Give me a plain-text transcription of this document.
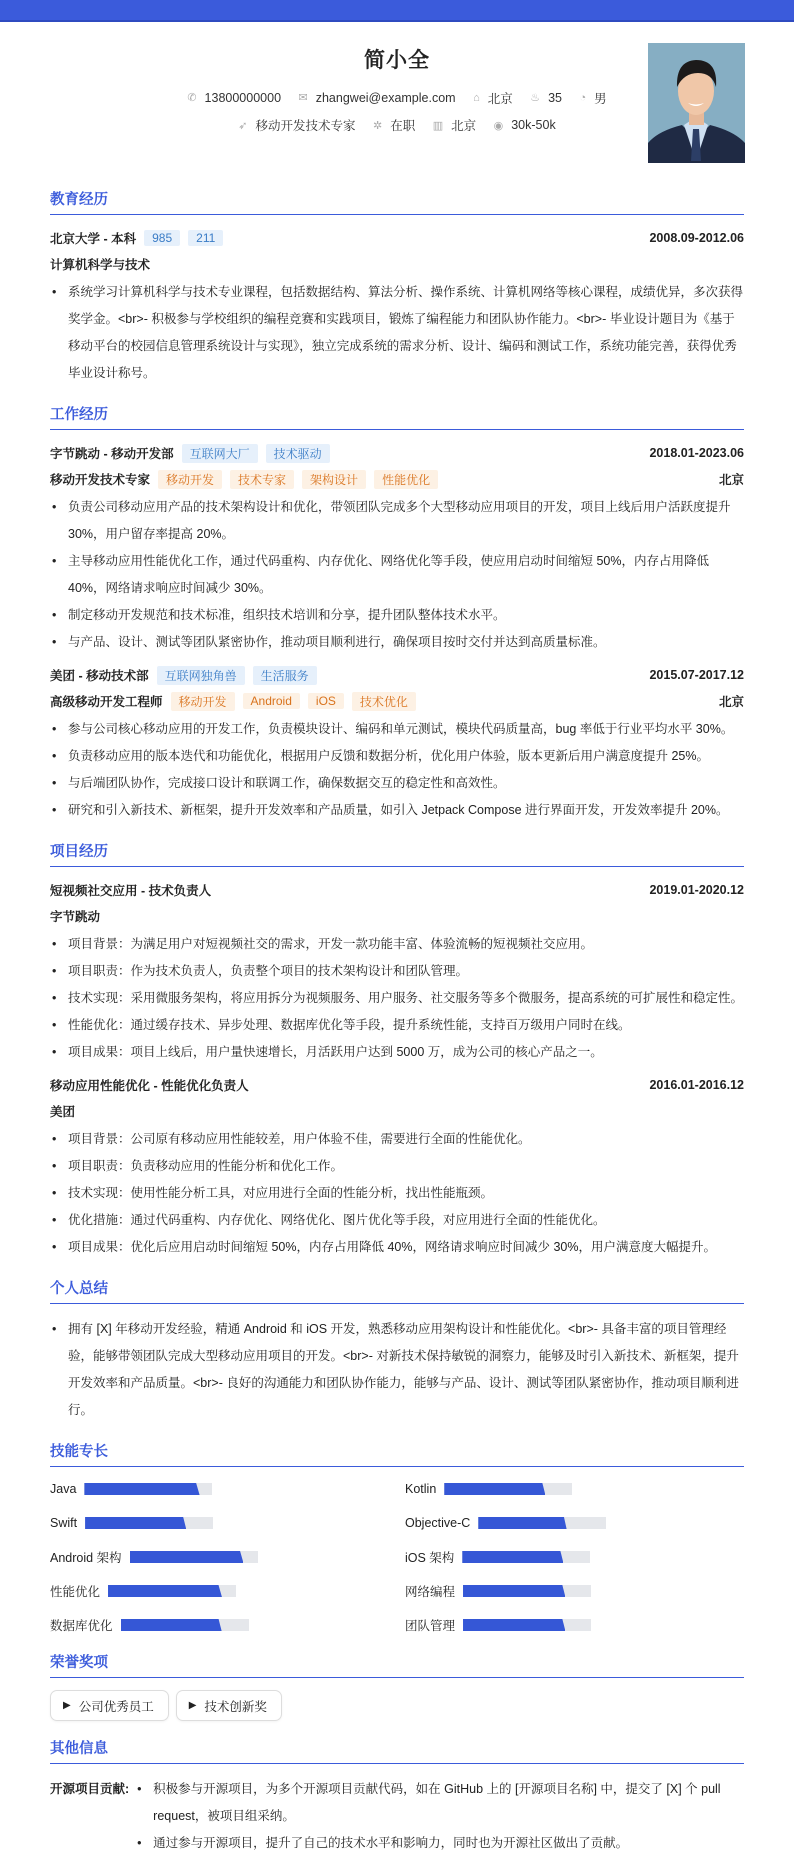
简小全
✆ 13800000000
✉ zhangwei@example.com
⌂ 北京
♨ 35
◔ 男
➶ 移动开发技术专家
✲ 在职
▥ 北京
◉ 30k-50k
教育经历
北京大学 - 本科	985	211	2008.09-2012.06
计算机科学与技术
• 系统学习计算机科学与技术专业课程，包括数据结构、算法分析、操作系统、计算机网络等核心课程，成绩优异，多次获得奖学金。<br>- 积极参与学校组织的编程竞赛和实践项目，锻炼了编程能力和团队协作能力。<br>- 毕业设计题目为《基于移动平台的校园信息管理系统设计与实现》，独立完成系统的需求分析、设计、编码和测试工作，系统功能完善，获得优秀毕业设计称号。
工作经历
字节跳动 - 移动开发部	互联网大厂	技术驱动	2018.01-2023.06
移动开发技术专家	移动开发	技术专家	架构设计	性能优化	北京
• 负责公司移动应用产品的技术架构设计和优化，带领团队完成多个大型移动应用项目的开发，项目上线后用户活跃度提升 30%，用户留存率提高 20%。
• 主导移动应用性能优化工作，通过代码重构、内存优化、网络优化等手段，使应用启动时间缩短 50%，内存占用降低 40%，网络请求响应时间减少 30%。
• 制定移动开发规范和技术标准，组织技术培训和分享，提升团队整体技术水平。
• 与产品、设计、测试等团队紧密协作，推动项目顺利进行，确保项目按时交付并达到高质量标准。
美团 - 移动技术部	互联网独角兽	生活服务	2015.07-2017.12
高级移动开发工程师	移动开发	Android	iOS	技术优化	北京
• 参与公司核心移动应用的开发工作，负责模块设计、编码和单元测试，模块代码质量高，bug 率低于行业平均水平 30%。
• 负责移动应用的版本迭代和功能优化，根据用户反馈和数据分析，优化用户体验，版本更新后用户满意度提升 25%。
• 与后端团队协作，完成接口设计和联调工作，确保数据交互的稳定性和高效性。
• 研究和引入新技术、新框架，提升开发效率和产品质量，如引入 Jetpack Compose 进行界面开发，开发效率提升 20%。
项目经历
短视频社交应用 - 技术负责人	2019.01-2020.12
字节跳动
• 项目背景：为满足用户对短视频社交的需求，开发一款功能丰富、体验流畅的短视频社交应用。
• 项目职责：作为技术负责人，负责整个项目的技术架构设计和团队管理。
• 技术实现：采用微服务架构，将应用拆分为视频服务、用户服务、社交服务等多个微服务，提高系统的可扩展性和稳定性。
• 性能优化：通过缓存技术、异步处理、数据库优化等手段，提升系统性能，支持百万级用户同时在线。
• 项目成果：项目上线后，用户量快速增长，月活跃用户达到 5000 万，成为公司的核心产品之一。
移动应用性能优化 - 性能优化负责人	2016.01-2016.12
美团
• 项目背景：公司原有移动应用性能较差，用户体验不佳，需要进行全面的性能优化。
• 项目职责：负责移动应用的性能分析和优化工作。
• 技术实现：使用性能分析工具，对应用进行全面的性能分析，找出性能瓶颈。
• 优化措施：通过代码重构、内存优化、网络优化、图片优化等手段，对应用进行全面的性能优化。
• 项目成果：优化后应用启动时间缩短 50%，内存占用降低 40%，网络请求响应时间减少 30%，用户满意度大幅提升。
个人总结
• 拥有 [X] 年移动开发经验，精通 Android 和 iOS 开发，熟悉移动应用架构设计和性能优化。<br>- 具备丰富的项目管理经验，能够带领团队完成大型移动应用项目的开发。<br>- 对新技术保持敏锐的洞察力，能够及时引入新技术、新框架，提升开发效率和产品质量。<br>- 良好的沟通能力和团队协作能力，能够与产品、设计、测试等团队紧密协作，推动项目顺利进行。
技能专长
Java	Kotlin
Swift	Objective-C
Android 架构	iOS 架构
性能优化	网络编程
数据库优化	团队管理
荣誉奖项
▶ 公司优秀员工	▶ 技术创新奖
其他信息
开源项目贡献:	• 积极参与开源项目，为多个开源项目贡献代码，如在 GitHub 上的 [开源项目名称] 中，提交了 [X] 个 pull request，被项目组采纳。
• 通过参与开源项目，提升了自己的技术水平和影响力，同时也为开源社区做出了贡献。
